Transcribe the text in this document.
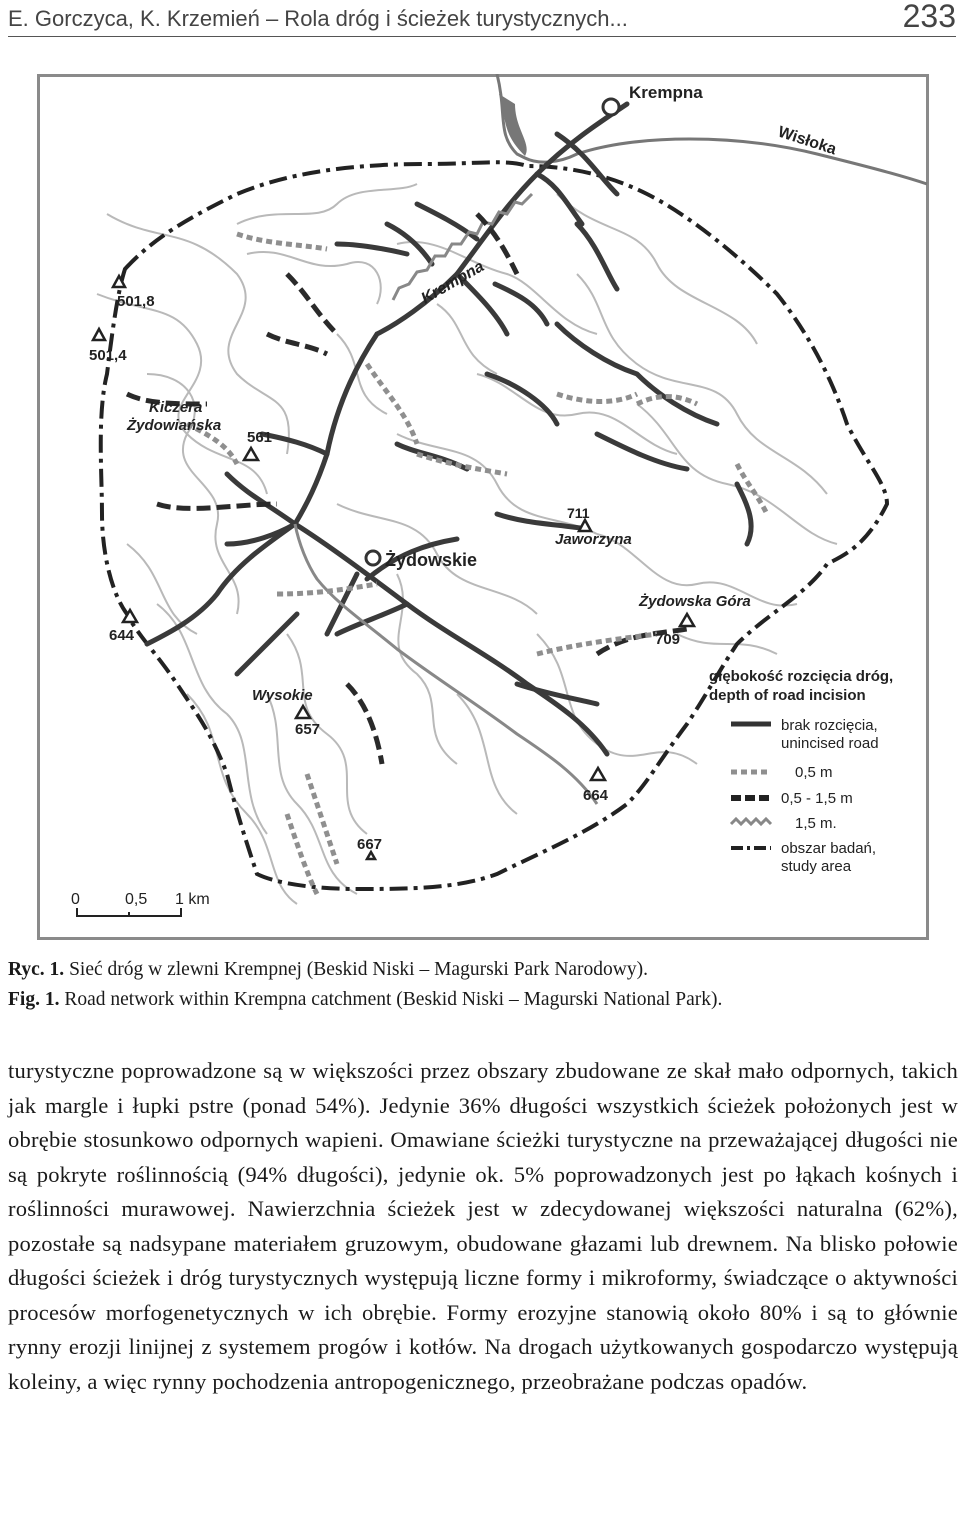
E. Gorczyca, K. Krzemień – Rola dróg i ścieżek turystycznych...	233
Krempna
Wisłoka
Krempna
Żydowskie
Kiczera
Żydowiańska
Jaworzyna
Żydowska Góra
Wysokie
501,8
501,4
561
644
711
709
657
664
667
głębokość rozcięcia dróg,
depth of road incision
brak rozcięcia,
unincised road
0,5 m
0,5 - 1,5 m
1,5 m.
obszar badań,
study area
0	0,5 1 km
Ryc. 1. Sieć dróg w zlewni Krempnej (Beskid Niski – Magurski Park Narodowy).
Fig. 1. Road network within Krempna catchment (Beskid Niski – Magurski National Park).

turystyczne poprowadzone są w większości przez obszary zbudowane ze skał mało odpornych, takich jak margle i łupki pstre (ponad 54%). Jedynie 36% długości wszystkich ścieżek położonych jest w obrębie stosunkowo odpornych wapieni. Omawiane ścieżki turystyczne na przeważającej długości nie są pokryte roślinnością (94% długości), jedynie ok. 5% poprowadzonych jest po łąkach kośnych i roślinności murawowej. Nawierzchnia ścieżek jest w zdecydowanej większości naturalna (62%), pozostałe są nadsypane materiałem gruzowym, obudowane głazami lub drewnem. Na blisko połowie długości ścieżek i dróg turystycznych występują liczne formy i mikroformy, świadczące o aktywności procesów morfogenetycznych w ich obrębie. Formy erozyjne stanowią około 80% i są to głównie rynny erozji linijnej z systemem progów i kotłów. Na drogach użytkowanych gospodarczo występują koleiny, a więc rynny pochodzenia antropogenicznego, przeobrażane podczas opadów.
